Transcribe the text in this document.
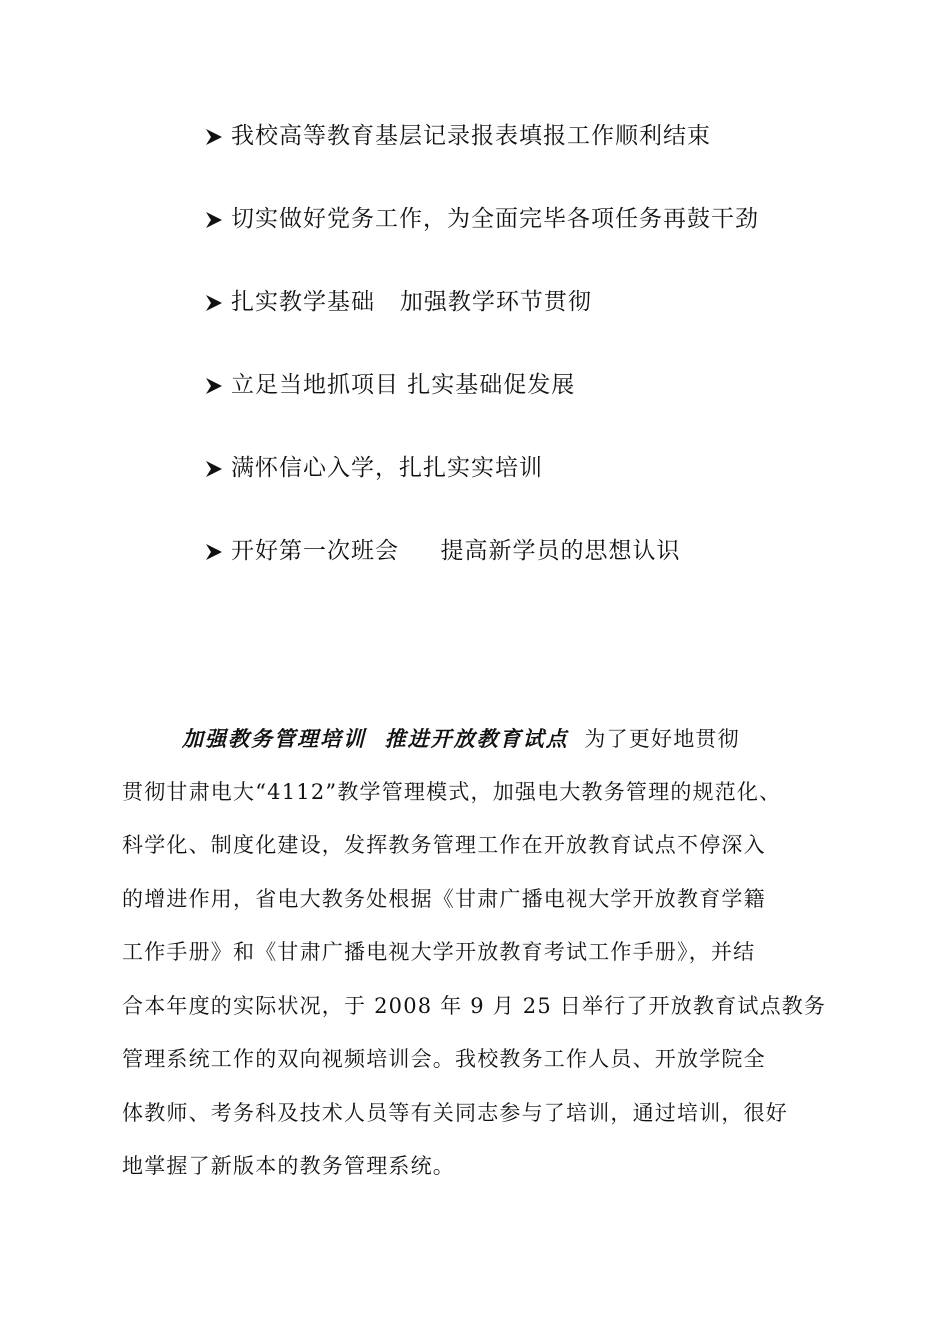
我校高等教育基层记录报表填报工作顺利结束

切实做好党务工作，为全面完毕各项任务再鼓干劲

扎实教学基础   加强教学环节贯彻

立足当地抓项目 扎实基础促发展

满怀信心入学，扎扎实实培训

开好第一次班会     提高新学员的思想认识
加强教务管理培训  推进开放教育试点 为了更好地贯彻
贯彻甘肃电大“4112”教学管理模式，加强电大教务管理的规范化、
科学化、制度化建设，发挥教务管理工作在开放教育试点不停深入
的增进作用，省电大教务处根据《甘肃广播电视大学开放教育学籍
工作手册》和《甘肃广播电视大学开放教育考试工作手册》，并结
合本年度的实际状况，于 2008 年 9 月 25 日举行了开放教育试点教务
管理系统工作的双向视频培训会。我校教务工作人员、开放学院全
体教师、考务科及技术人员等有关同志参与了培训，通过培训，很好
地掌握了新版本的教务管理系统。
